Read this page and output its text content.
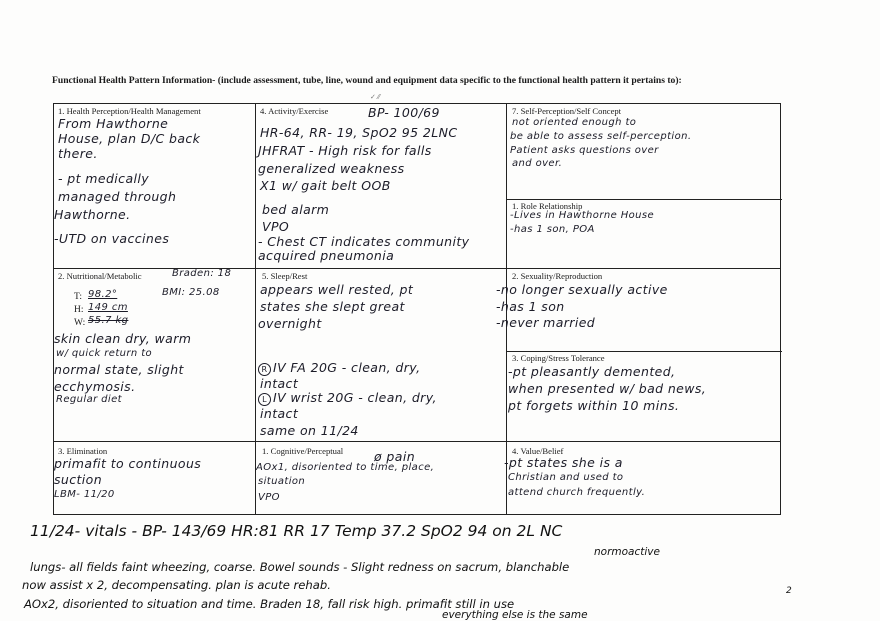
Functional Health Pattern Information- (include assessment, tube, line, wound and equipment data specific to the functional health pattern it pertains to):
✓ ⁄⁄
1. Health Perception/Health Management
From Hawthorne
House, plan D/C back
there.
- pt medically
managed through
Hawthorne.
-UTD on vaccines
4. Activity/Exercise	BP- 100/69
HR-64, RR- 19, SpO2 95 2LNC
JHFRAT - High risk for falls
generalized weakness
X1 w/ gait belt OOB
bed alarm
VPO
- Chest CT indicates community
acquired pneumonia
7. Self-Perception/Self Concept
not oriented enough to
be able to assess self-perception.
Patient asks questions over
and over.
1. Role Relationship
-Lives in Hawthorne House
-has 1 son, POA
2. Nutritional/Metabolic	Braden: 18
BMI: 25.08
T: 98.2°
H: 149 cm
W: 55.7 kg
skin clean dry, warm
w/ quick return to
normal state, slight
ecchymosis.
Regular diet
5. Sleep/Rest
appears well rested, pt
states she slept great
overnight
R IV FA 20G - clean, dry,
intact
L IV wrist 20G - clean, dry,
intact
same on 11/24
2. Sexuality/Reproduction
-no longer sexually active
-has 1 son
-never married
3. Coping/Stress Tolerance
-pt pleasantly demented,
when presented w/ bad news,
pt forgets within 10 mins.
3. Elimination
primafit to continuous
suction
LBM- 11/20
1. Cognitive/Perceptual ø pain
AOx1, disoriented to time, place,
situation
VPO
4. Value/Belief
-pt states she is a
Christian and used to
attend church frequently.
11/24- vitals - BP- 143/69 HR:81 RR 17 Temp 37.2 SpO2 94 on 2L NC
normoactive
lungs- all fields faint wheezing, coarse. Bowel sounds - Slight redness on sacrum, blanchable
now assist x 2, decompensating. plan is acute rehab.
AOx2, disoriented to situation and time. Braden 18, fall risk high. primafit still in use
2
everything else is the same
